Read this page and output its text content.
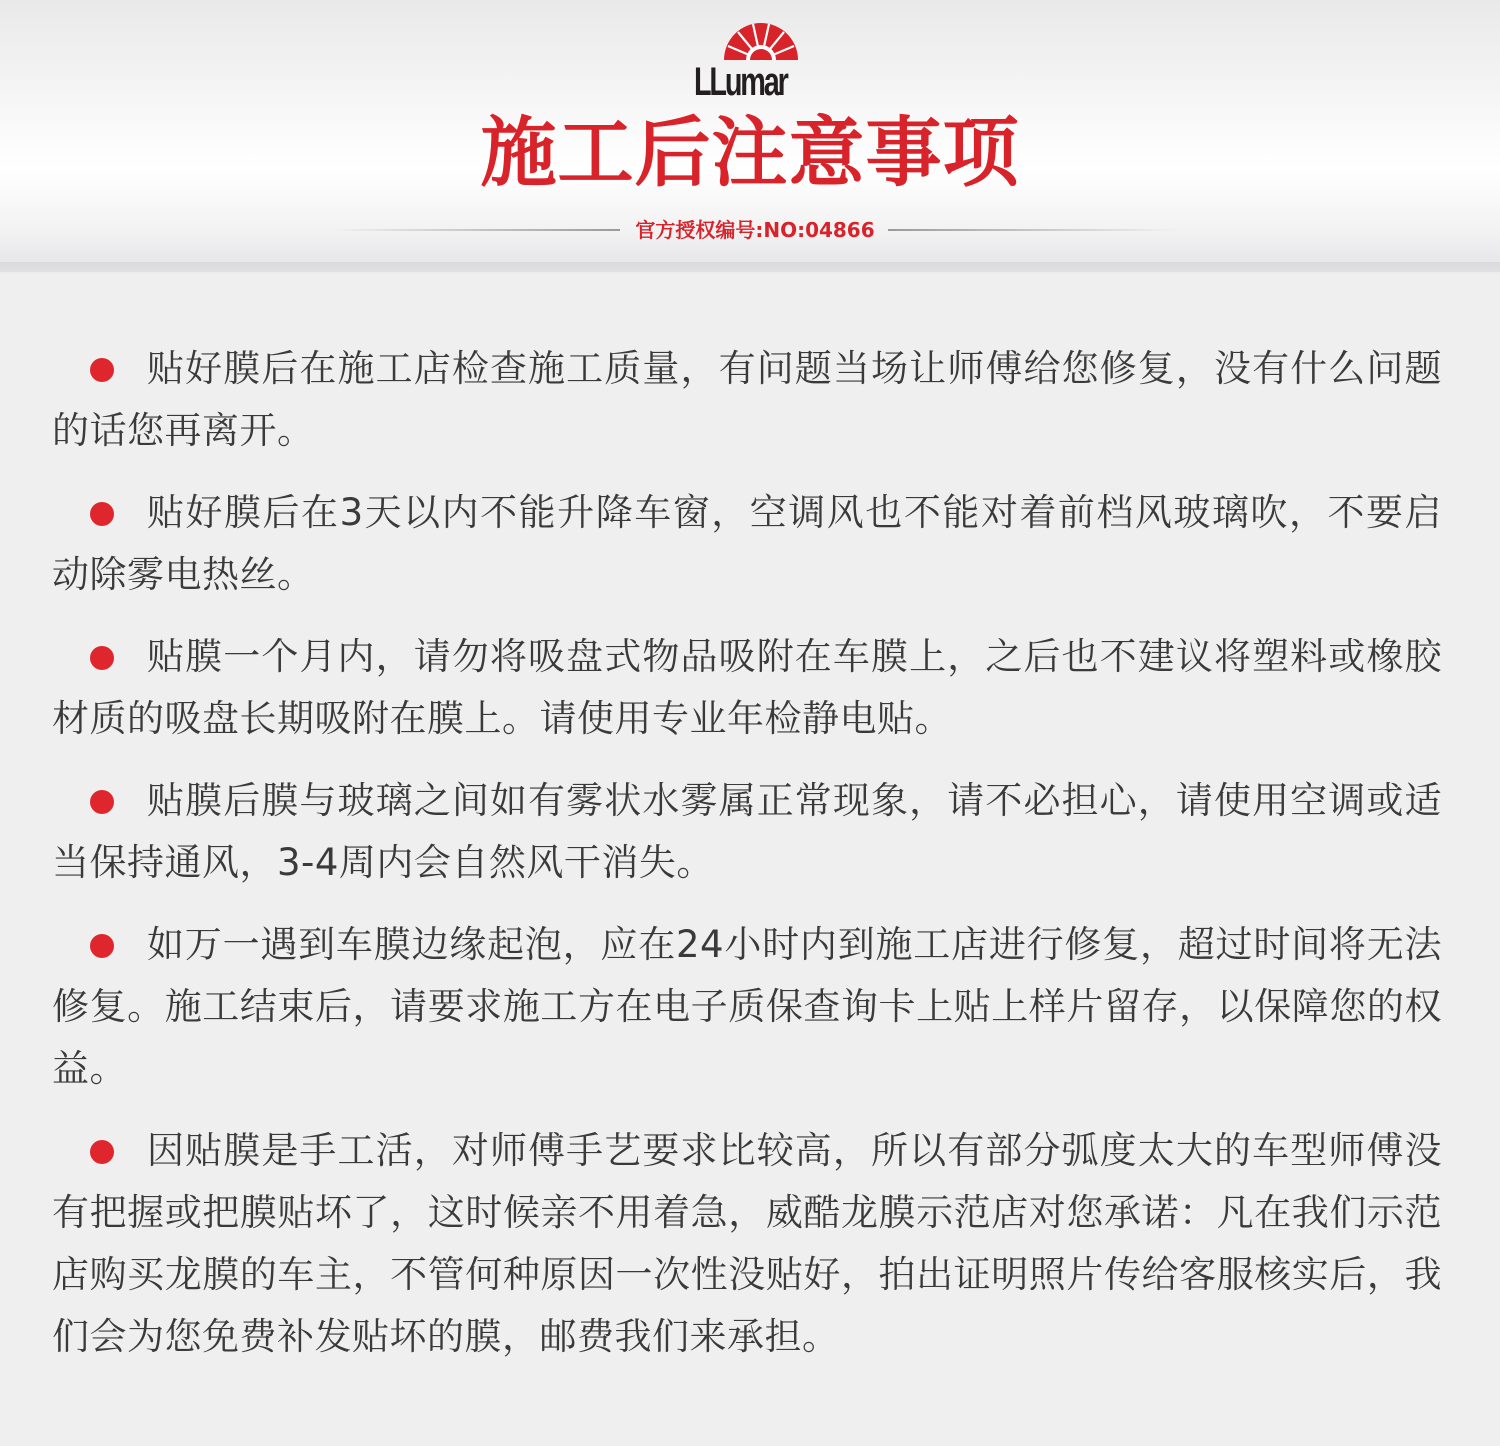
LLumar
施工后注意事项
官方授权编号:NO:04866
贴好膜后在施工店检查施工质量，有问题当场让师傅给您修复，没有什么问题的话您再离开。
贴好膜后在3天以内不能升降车窗，空调风也不能对着前档风玻璃吹，不要启动除雾电热丝。
贴膜一个月内，请勿将吸盘式物品吸附在车膜上，之后也不建议将塑料或橡胶材质的吸盘长期吸附在膜上。请使用专业年检静电贴。
贴膜后膜与玻璃之间如有雾状水雾属正常现象，请不必担心，请使用空调或适当保持通风，3-4周内会自然风干消失。
如万一遇到车膜边缘起泡，应在24小时内到施工店进行修复，超过时间将无法修复。施工结束后，请要求施工方在电子质保查询卡上贴上样片留存，以保障您的权益。
因贴膜是手工活，对师傅手艺要求比较高，所以有部分弧度太大的车型师傅没有把握或把膜贴坏了，这时候亲不用着急，威酷龙膜示范店对您承诺：凡在我们示范店购买龙膜的车主，不管何种原因一次性没贴好，拍出证明照片传给客服核实后，我们会为您免费补发贴坏的膜，邮费我们来承担。
